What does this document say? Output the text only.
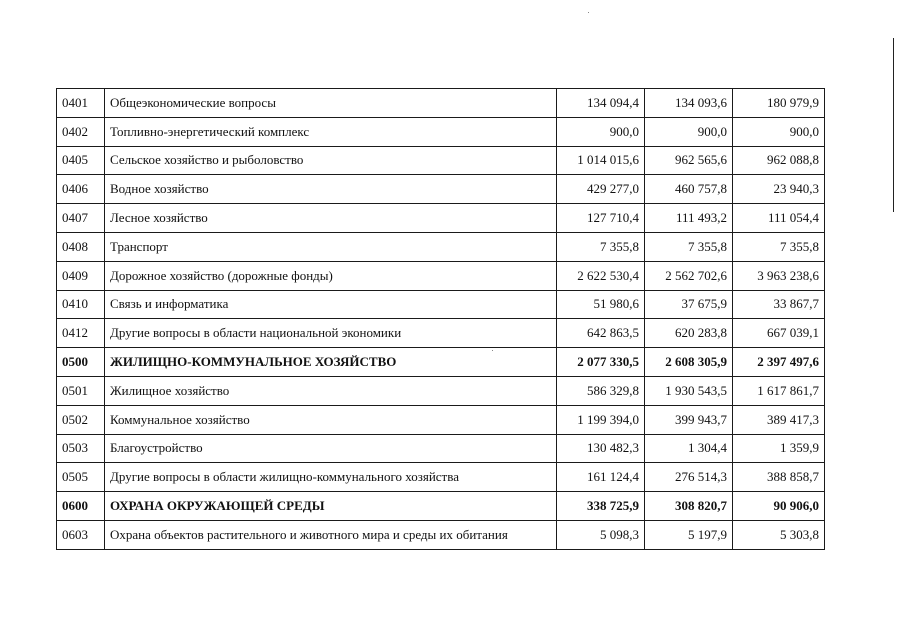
0401	Общеэкономические вопросы	134 094,4	134 093,6	180 979,9
0402	Топливно-энергетический комплекс	900,0	900,0	900,0
0405	Сельское хозяйство и рыболовство	1 014 015,6	962 565,6	962 088,8
0406	Водное хозяйство	429 277,0	460 757,8	23 940,3
0407	Лесное хозяйство	127 710,4	111 493,2	111 054,4
0408	Транспорт	7 355,8	7 355,8	7 355,8
0409	Дорожное хозяйство (дорожные фонды)	2 622 530,4	2 562 702,6	3 963 238,6
0410	Связь и информатика	51 980,6	37 675,9	33 867,7
0412	Другие вопросы в области национальной экономики	642 863,5	620 283,8	667 039,1
0500	ЖИЛИЩНО-КОММУНАЛЬНОЕ ХОЗЯЙСТВО	2 077 330,5	2 608 305,9	2 397 497,6
0501	Жилищное хозяйство	586 329,8	1 930 543,5	1 617 861,7
0502	Коммунальное хозяйство	1 199 394,0	399 943,7	389 417,3
0503	Благоустройство	130 482,3	1 304,4	1 359,9
0505	Другие вопросы в области жилищно-коммунального хозяйства	161 124,4	276 514,3	388 858,7
0600	ОХРАНА ОКРУЖАЮЩЕЙ СРЕДЫ	338 725,9	308 820,7	90 906,0
0603	Охрана объектов растительного и животного мира и среды их обитания	5 098,3	5 197,9	5 303,8
